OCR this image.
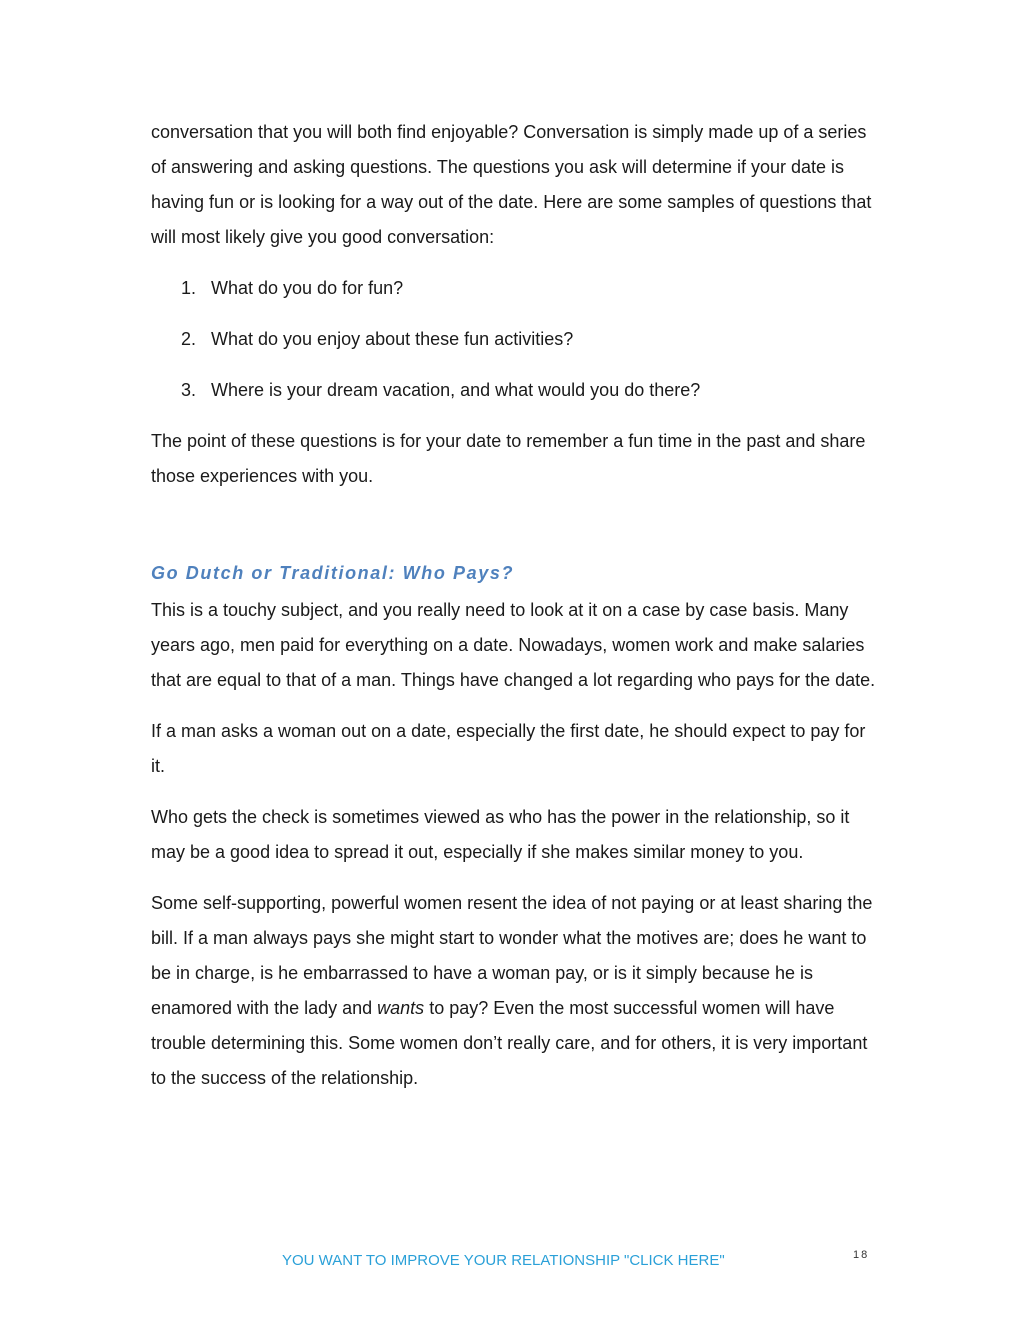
conversation that you will both find enjoyable? Conversation is simply made up of a series of answering and asking questions. The questions you ask will determine if your date is having fun or is looking for a way out of the date. Here are some samples of questions that will most likely give you good conversation:

1. What do you do for fun?
2. What do you enjoy about these fun activities?
3. Where is your dream vacation, and what would you do there?

The point of these questions is for your date to remember a fun time in the past and share those experiences with you.

Go Dutch or Traditional: Who Pays?

This is a touchy subject, and you really need to look at it on a case by case basis. Many years ago, men paid for everything on a date. Nowadays, women work and make salaries that are equal to that of a man. Things have changed a lot regarding who pays for the date.

If a man asks a woman out on a date, especially the first date, he should expect to pay for it.

Who gets the check is sometimes viewed as who has the power in the relationship, so it may be a good idea to spread it out, especially if she makes similar money to you.

Some self-supporting, powerful women resent the idea of not paying or at least sharing the bill. If a man always pays she might start to wonder what the motives are; does he want to be in charge, is he embarrassed to have a woman pay, or is it simply because he is enamored with the lady and wants to pay? Even the most successful women will have trouble determining this. Some women don’t really care, and for others, it is very important to the success of the relationship.

YOU WANT TO IMPROVE YOUR RELATIONSHIP "CLICK HERE"	18
